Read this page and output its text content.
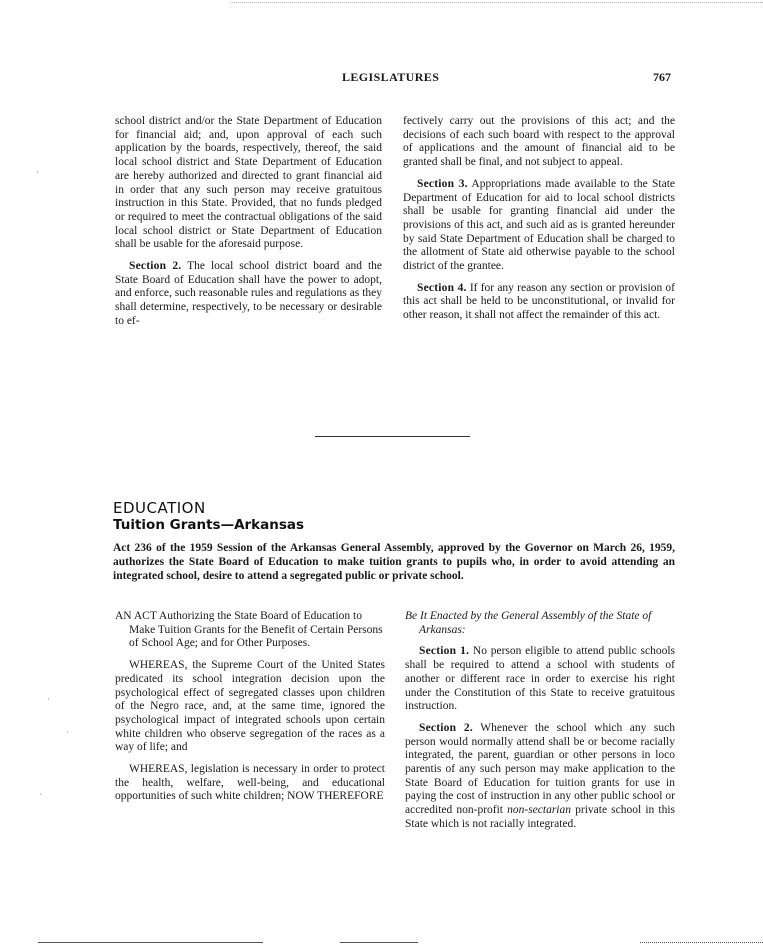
LEGISLATURES	767

school district and/or the State Department of Education for financial aid; and, upon approval of each such application by the boards, respectively, thereof, the said local school district and State Department of Education are hereby authorized and directed to grant financial aid in order that any such person may receive gratuitous instruction in this State. Provided, that no funds pledged or required to meet the contractual obligations of the said local school district or State Department of Education shall be usable for the aforesaid purpose.

Section 2. The local school district board and the State Board of Education shall have the power to adopt, and enforce, such reasonable rules and regulations as they shall determine, respectively, to be necessary or desirable to ef-

fectively carry out the provisions of this act; and the decisions of each such board with respect to the approval of applications and the amount of financial aid to be granted shall be final, and not subject to appeal.

Section 3. Appropriations made available to the State Department of Education for aid to local school districts shall be usable for granting financial aid under the provisions of this act, and such aid as is granted hereunder by said State Department of Education shall be charged to the allotment of State aid otherwise payable to the school district of the grantee.

Section 4. If for any reason any section or provision of this act shall be held to be unconstitutional, or invalid for other reason, it shall not affect the remainder of this act.

EDUCATION
Tuition Grants—Arkansas
Act 236 of the 1959 Session of the Arkansas General Assembly, approved by the Governor on March 26, 1959, authorizes the State Board of Education to make tuition grants to pupils who, in order to avoid attending an integrated school, desire to attend a segregated public or private school.

AN ACT Authorizing the State Board of Education to Make Tuition Grants for the Benefit of Certain Persons of School Age; and for Other Purposes.

WHEREAS, the Supreme Court of the United States predicated its school integration decision upon the psychological effect of segregated classes upon children of the Negro race, and, at the same time, ignored the psychological impact of integrated schools upon certain white children who observe segregation of the races as a way of life; and

WHEREAS, legislation is necessary in order to protect the health, welfare, well-being, and educational opportunities of such white children; NOW THEREFORE

Be It Enacted by the General Assembly of the State of Arkansas:

Section 1. No person eligible to attend public schools shall be required to attend a school with students of another or different race in order to exercise his right under the Constitution of this State to receive gratuitous instruction.

Section 2. Whenever the school which any such person would normally attend shall be or become racially integrated, the parent, guardian or other persons in loco parentis of any such person may make application to the State Board of Education for tuition grants for use in paying the cost of instruction in any other public school or accredited non-profit non-sectarian private school in this State which is not racially integrated.

·
·
·
·
